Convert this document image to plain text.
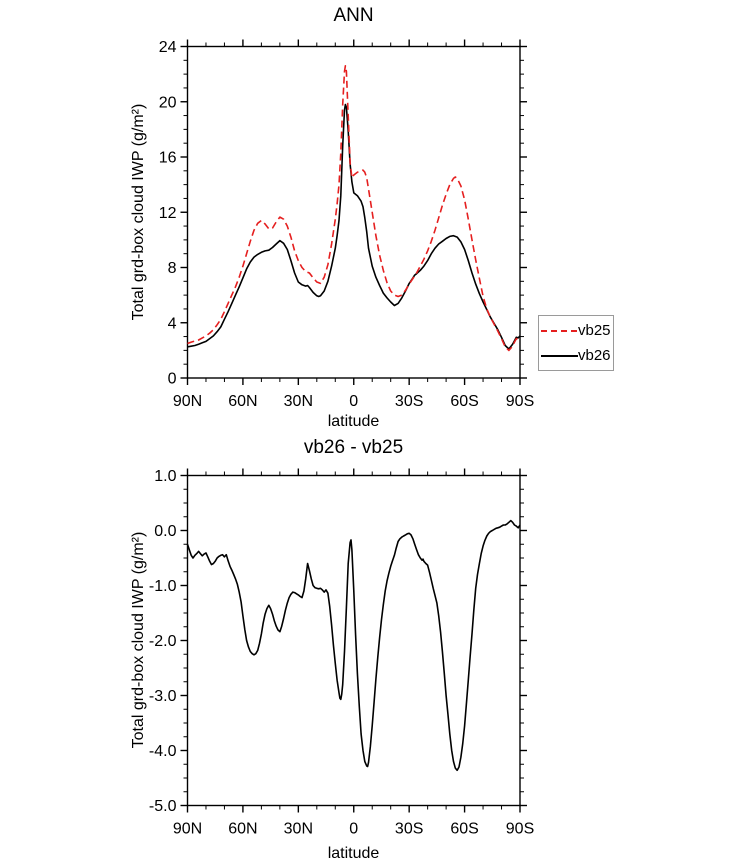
90N 60N 30N 0 30S 60S 90S
0
4
8
12
16
20
24
90N 60N 30N 0 30S 60S 90S
-5.0
-4.0
-3.0
-2.0
-1.0
0.0
1.0
ANN
Total grd-box cloud IWP (g/m²)
latitude
vb26 - vb25
Total grd-box cloud IWP (g/m²)
latitude
vb25
vb26
